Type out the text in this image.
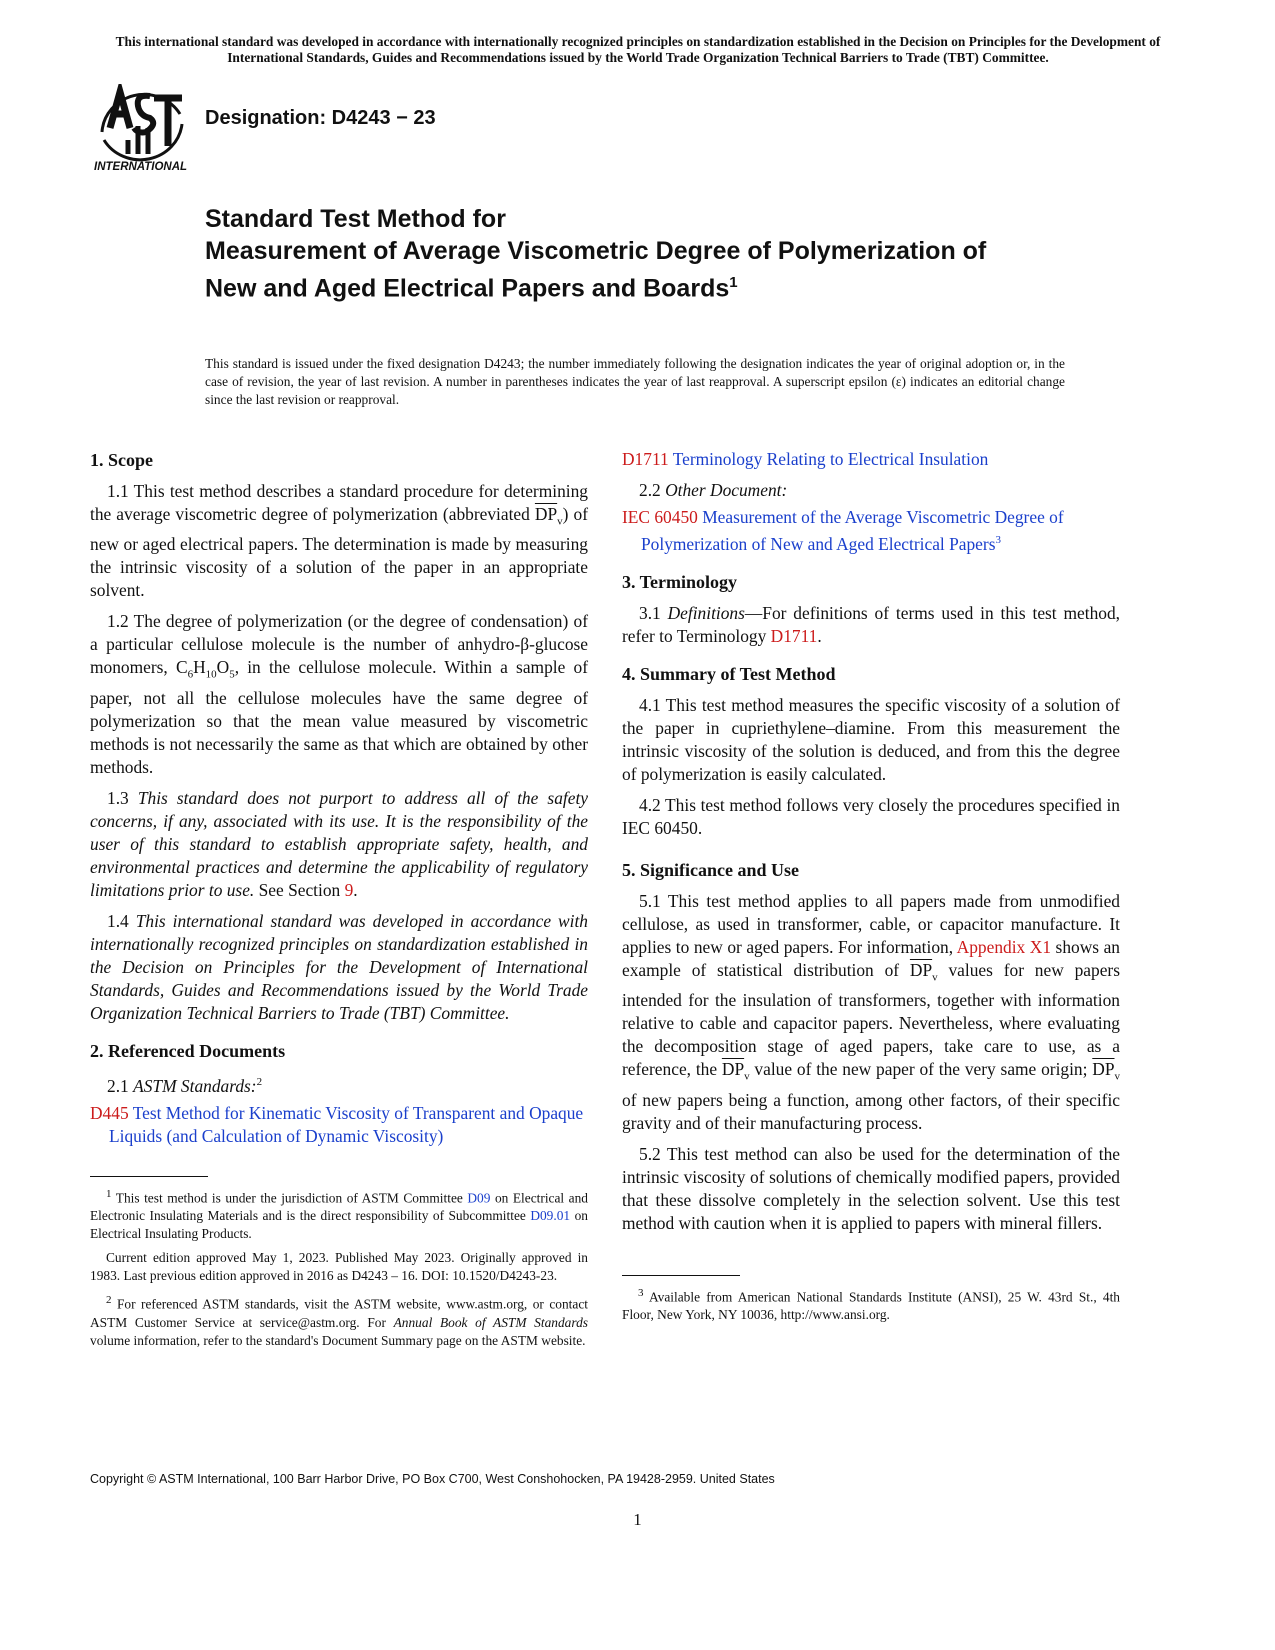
This international standard was developed in accordance with internationally recognized principles on standardization established in the Decision on Principles for the Development of International Standards, Guides and Recommendations issued by the World Trade Organization Technical Barriers to Trade (TBT) Committee.
INTERNATIONAL
Designation: D4243 − 23
Standard Test Method for
Measurement of Average Viscometric Degree of Polymerization of New and Aged Electrical Papers and Boards$^1$
This standard is issued under the fixed designation D4243; the number immediately following the designation indicates the year of original adoption or, in the case of revision, the year of last revision. A number in parentheses indicates the year of last reapproval. A superscript epsilon (ε) indicates an editorial change since the last revision or reapproval.
1. Scope

1.1 This test method describes a standard procedure for determining the average viscometric degree of polymerization (abbreviated $\overline{DP}_v$) of new or aged electrical papers. The determination is made by measuring the intrinsic viscosity of a solution of the paper in an appropriate solvent.

1.2 The degree of polymerization (or the degree of condensation) of a particular cellulose molecule is the number of anhydro-β-glucose monomers, $C_6H_{10}O_5$, in the cellulose molecule. Within a sample of paper, not all the cellulose molecules have the same degree of polymerization so that the mean value measured by viscometric methods is not necessarily the same as that which are obtained by other methods.

1.3 This standard does not purport to address all of the safety concerns, if any, associated with its use. It is the responsibility of the user of this standard to establish appropriate safety, health, and environmental practices and determine the applicability of regulatory limitations prior to use. See Section 9.

1.4 This international standard was developed in accordance with internationally recognized principles on standardization established in the Decision on Principles for the Development of International Standards, Guides and Recommendations issued by the World Trade Organization Technical Barriers to Trade (TBT) Committee.

2. Referenced Documents

2.1 ASTM Standards:$^2$

D445 Test Method for Kinematic Viscosity of Transparent and Opaque Liquids (and Calculation of Dynamic Viscosity)
$^1$ This test method is under the jurisdiction of ASTM Committee D09 on Electrical and Electronic Insulating Materials and is the direct responsibility of Subcommittee D09.01 on Electrical Insulating Products.
Current edition approved May 1, 2023. Published May 2023. Originally approved in 1983. Last previous edition approved in 2016 as D4243 – 16. DOI: 10.1520/D4243-23.
$^2$ For referenced ASTM standards, visit the ASTM website, www.astm.org, or contact ASTM Customer Service at service@astm.org. For Annual Book of ASTM Standards volume information, refer to the standard's Document Summary page on the ASTM website.
D1711 Terminology Relating to Electrical Insulation

2.2 Other Document:

IEC 60450 Measurement of the Average Viscometric Degree of Polymerization of New and Aged Electrical Papers$^3$
3. Terminology

3.1 Definitions—For definitions of terms used in this test method, refer to Terminology D1711.

4. Summary of Test Method

4.1 This test method measures the specific viscosity of a solution of the paper in cupriethylene–diamine. From this measurement the intrinsic viscosity of the solution is deduced, and from this the degree of polymerization is easily calculated.

4.2 This test method follows very closely the procedures specified in IEC 60450.

5. Significance and Use

5.1 This test method applies to all papers made from unmodified cellulose, as used in transformer, cable, or capacitor manufacture. It applies to new or aged papers. For information, Appendix X1 shows an example of statistical distribution of $\overline{DP}_v$ values for new papers intended for the insulation of transformers, together with information relative to cable and capacitor papers. Nevertheless, where evaluating the decomposition stage of aged papers, take care to use, as a reference, the $\overline{DP}_v$ value of the new paper of the very same origin; $\overline{DP}_v$ of new papers being a function, among other factors, of their specific gravity and of their manufacturing process.

5.2 This test method can also be used for the determination of the intrinsic viscosity of solutions of chemically modified papers, provided that these dissolve completely in the selection solvent. Use this test method with caution when it is applied to papers with mineral fillers.

$^3$ Available from American National Standards Institute (ANSI), 25 W. 43rd St., 4th Floor, New York, NY 10036, http://www.ansi.org.
Copyright © ASTM International, 100 Barr Harbor Drive, PO Box C700, West Conshohocken, PA 19428-2959. United States
1
